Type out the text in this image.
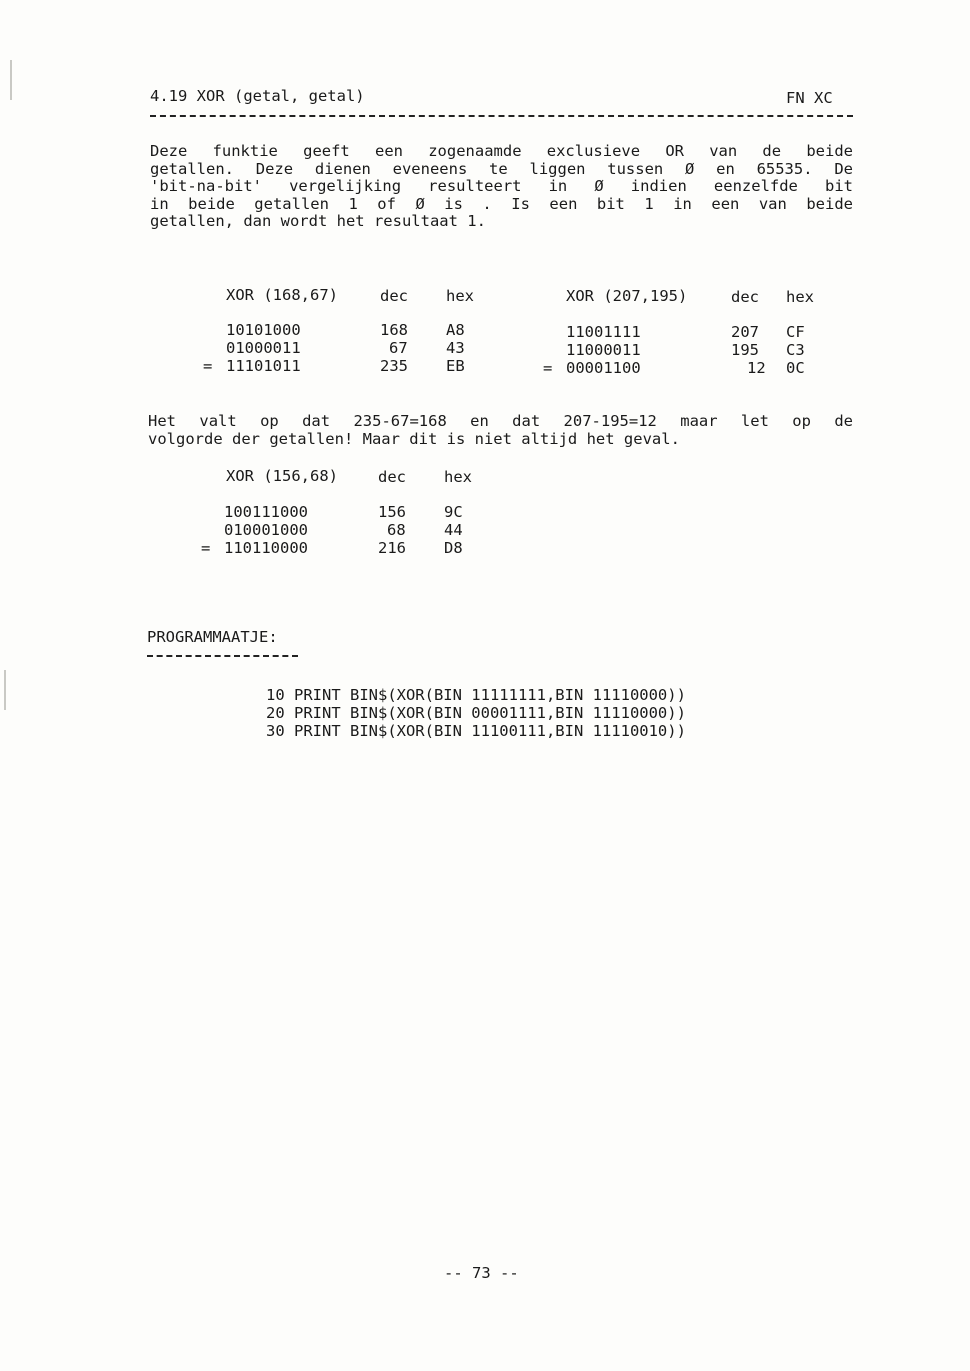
4.19 XOR (getal, getal)	FN XC
Deze funktie geeft een zogenaamde exclusieve OR van de beide
getallen. Deze dienen eveneens te liggen tussen Ø en 65535. De
'bit-na-bit' vergelijking resulteert in Ø indien eenzelfde bit
in beide getallen 1 of Ø is . Is een bit 1 in een van beide
getallen, dan wordt het resultaat 1.
XOR (168,67)	dec hex
10101000	168 A8
01000011	67 43
= 11101011	235 EB
XOR (207,195)	dec hex
11001111	207 CF
11000011	195 C3
= 00001100	12 0C
Het valt op dat 235-67=168 en dat 207-195=12 maar let op de
volgorde der getallen! Maar dit is niet altijd het geval.
XOR (156,68)	dec hex
100111000	156 9C
010001000	68 44
= 110110000	216 D8
PROGRAMMAATJE:
10 PRINT BIN$(XOR(BIN 11111111,BIN 11110000))
20 PRINT BIN$(XOR(BIN 00001111,BIN 11110000))
30 PRINT BIN$(XOR(BIN 11100111,BIN 11110010))
-- 73 --
